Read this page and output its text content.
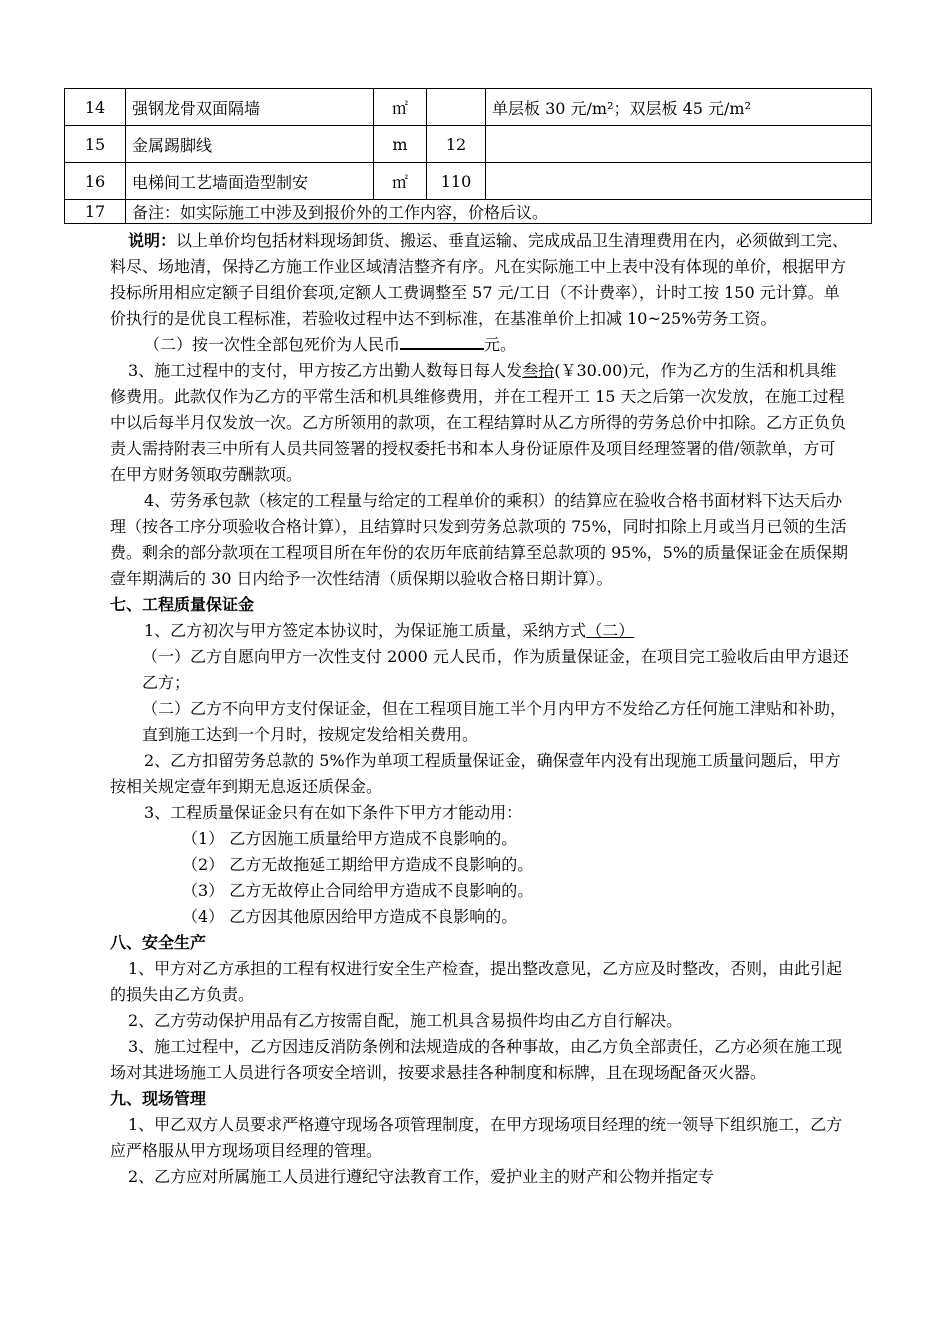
14	强钢龙骨双面隔墙	㎡		单层板 30 元/m²；双层板 45 元/m²
15	金属踢脚线	m	12	
16	电梯间工艺墙面造型制安	㎡	110	
17	备注：如实际施工中涉及到报价外的工作内容，价格后议。			

说明：以上单价均包括材料现场卸货、搬运、垂直运输、完成成品卫生清理费用在内，必须做到工完、料尽、场地清，保持乙方施工作业区域清洁整齐有序。凡在实际施工中上表中没有体现的单价，根据甲方投标所用相应定额子目组价套项,定额人工费调整至 57 元/工日（不计费率），计时工按 150 元计算。单价执行的是优良工程标准，若验收过程中达不到标准，在基准单价上扣减 10~25%劳务工资。

（二）按一次性全部包死价为人民币	元。

3、施工过程中的支付，甲方按乙方出勤人数每日每人发叁拾(￥30.00)元，作为乙方的生活和机具维修费用。此款仅作为乙方的平常生活和机具维修费用，并在工程开工 15 天之后第一次发放，在施工过程中以后每半月仅发放一次。乙方所领用的款项，在工程结算时从乙方所得的劳务总价中扣除。乙方正负负责人需持附表三中所有人员共同签署的授权委托书和本人身份证原件及项目经理签署的借/领款单，方可在甲方财务领取劳酬款项。

4、劳务承包款（核定的工程量与给定的工程单价的乘积）的结算应在验收合格书面材料下达天后办理（按各工序分项验收合格计算），且结算时只发到劳务总款项的 75%，同时扣除上月或当月已领的生活费。剩余的部分款项在工程项目所在年份的农历年底前结算至总款项的 95%，5%的质量保证金在质保期壹年期满后的 30 日内给予一次性结清（质保期以验收合格日期计算）。

七、工程质量保证金

1、乙方初次与甲方签定本协议时，为保证施工质量，采纳方式（二）

（一）乙方自愿向甲方一次性支付 2000 元人民币，作为质量保证金，在项目完工验收后由甲方退还乙方；

（二）乙方不向甲方支付保证金，但在工程项目施工半个月内甲方不发给乙方任何施工津贴和补助，直到施工达到一个月时，按规定发给相关费用。

2、乙方扣留劳务总款的 5%作为单项工程质量保证金，确保壹年内没有出现施工质量问题后，甲方按相关规定壹年到期无息返还质保金。

3、工程质量保证金只有在如下条件下甲方才能动用：

（1） 乙方因施工质量给甲方造成不良影响的。

（2） 乙方无故拖延工期给甲方造成不良影响的。

（3） 乙方无故停止合同给甲方造成不良影响的。

（4） 乙方因其他原因给甲方造成不良影响的。

八、安全生产

1、甲方对乙方承担的工程有权进行安全生产检查，提出整改意见，乙方应及时整改，否则，由此引起的损失由乙方负责。

2、乙方劳动保护用品有乙方按需自配，施工机具含易损件均由乙方自行解决。

3、施工过程中，乙方因违反消防条例和法规造成的各种事故，由乙方负全部责任，乙方必须在施工现场对其进场施工人员进行各项安全培训，按要求悬挂各种制度和标牌，且在现场配备灭火器。

九、现场管理

1、甲乙双方人员要求严格遵守现场各项管理制度，在甲方现场项目经理的统一领导下组织施工，乙方应严格服从甲方现场项目经理的管理。

2、乙方应对所属施工人员进行遵纪守法教育工作，爱护业主的财产和公物并指定专
